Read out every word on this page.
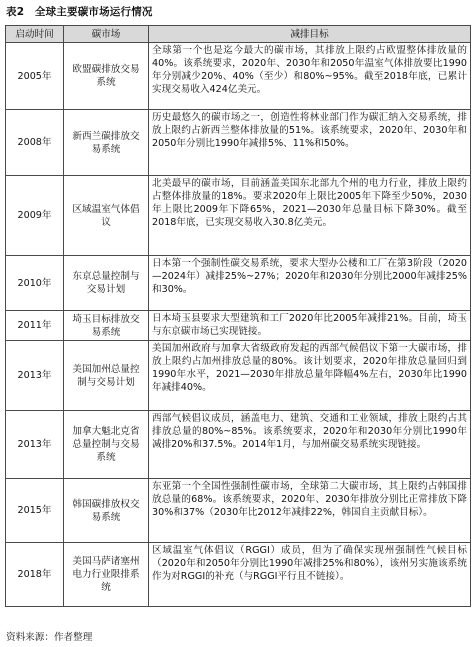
表2　全球主要碳市场运行情况
启动时间	碳市场	减排目标
2005年	欧盟碳排放交易系统	全球第一个也是迄今最大的碳市场，其排放上限约占欧盟整体排放量的40%。该系统要求，2020年、2030年和2050年温室气体排放要比1990年分别减少20%、40%（至少）和80%~95%。截至2018年底，已累计实现交易收入424亿美元。
2008年	新西兰碳排放交易系统	历史最悠久的碳市场之一，创造性将林业部门作为碳汇纳入交易系统，排放上限约占新西兰整体排放量的51%。该系统要求，2020年、2030年和2050年分别比1990年减排5%、11%和50%。
2009年	区域温室气体倡议	北美最早的碳市场，目前涵盖美国东北部九个州的电力行业，排放上限约占整体排放量的18%。要求2020年上限比2005年下降至少50%，2030年上限比2009年下降65%，2021—2030年总量目标下降30%。截至2018年底，已实现交易收入30.8亿美元。
2010年	东京总量控制与交易计划	日本第一个强制性碳交易系统，要求大型办公楼和工厂在第3阶段（2020—2024年）减排25%~27%；2020年和2030年分别比2000年减排25%和30%。
2011年	埼玉目标排放交易系统	日本埼玉县要求大型建筑和工厂2020年比2005年减排21%。目前，埼玉与东京碳市场已实现链接。
2013年	美国加州总量控制与交易计划	美国加州政府与加拿大省级政府发起的西部气候倡议下第一大碳市场，排放上限约占加州排放总量的80%。该计划要求，2020年排放总量回归到1990年水平，2021—2030年排放总量年降幅4%左右，2030年比1990年减排40%。
2013年	加拿大魁北克省总量控制与交易系统	西部气候倡议成员，涵盖电力、建筑、交通和工业领域，排放上限约占其排放总量的80%~85%。该系统要求，2020年和2030年分别比1990年减排20%和37.5%。2014年1月，与加州碳交易系统实现链接。
2015年	韩国碳排放权交易系统	东亚第一个全国性强制性碳市场，全球第二大碳市场，其上限约占韩国排放总量的68%。该系统要求，2020年、2030年排放分别比正常排放下降30%和37%（2030年比2012年减排22%，韩国自主贡献目标）。
2018年	美国马萨诸塞州电力行业限排系统	区域温室气体倡议（RGGI）成员，但为了确保实现州强制性气候目标（2020年和2050年分别比1990年减排25%和80%），该州另实施该系统作为对RGGI的补充（与RGGI平行且不链接）。
资料来源：作者整理
